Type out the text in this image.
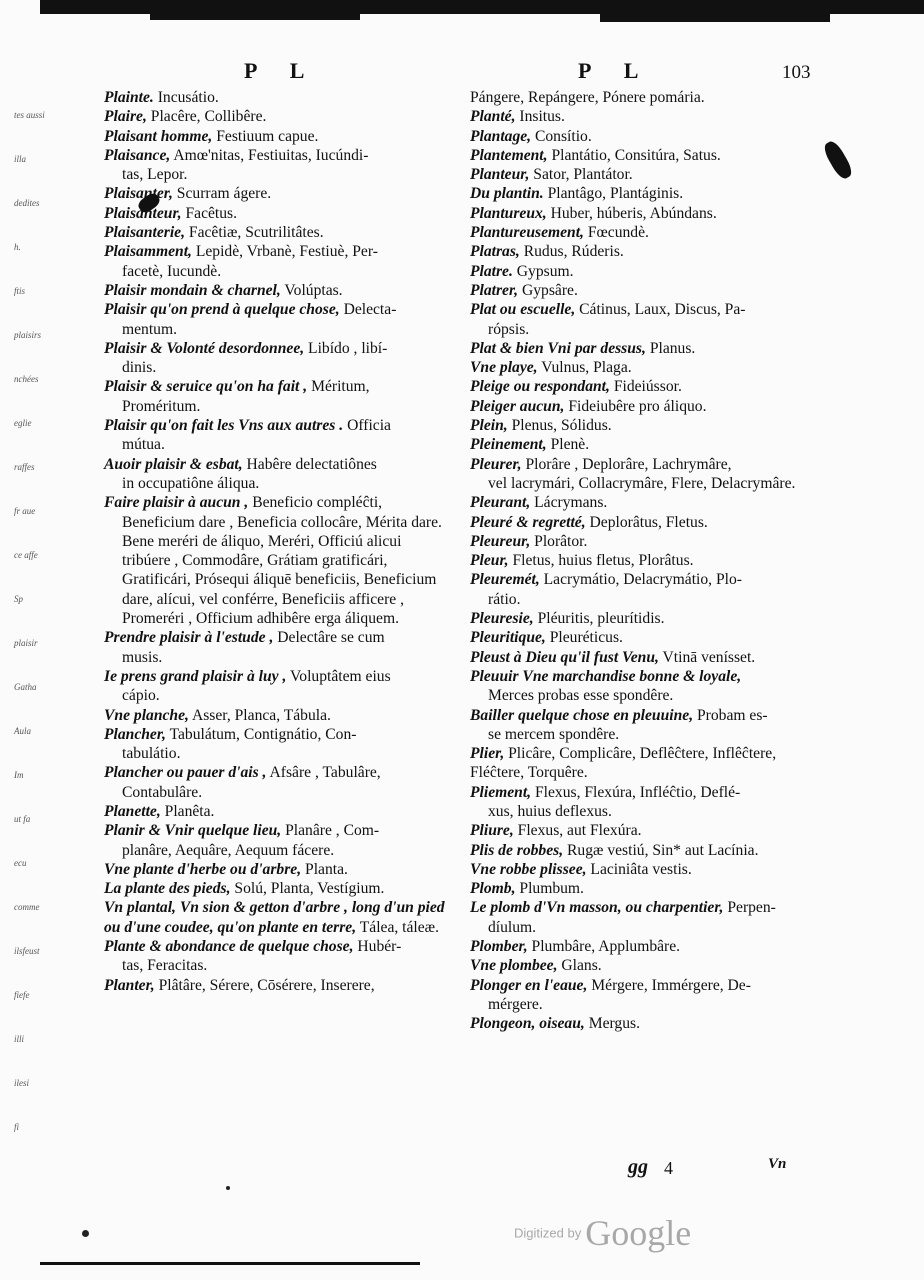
P L	P L	103
tes aussi
illa
dedites
h.
ftis
plaisirs
nchées
eglie
raffes
fr aue
ce affe
Sp
plaisir
Gatha
Aula
Im
ut fa
ecu
comme
ilsfeust
fiefe
illi
ilesi
fi

Plainte. Incusátio.

Plaire, Placêre, Collibêre.

Plaisant homme, Festiuum capue.

Plaisance, Amœ'nitas, Festiuitas, Iucúndi-
tas, Lepor.

Plaisanter, Scurram ágere.

Plaisanteur, Facêtus.

Plaisanterie, Facêtiæ, Scutrilitâtes.

Plaisamment, Lepidè, Vrbanè, Festiuè, Per-
facetè, Iucundè.

Plaisir mondain & charnel, Volúptas.

Plaisir qu'on prend à quelque chose, Delecta-
mentum.

Plaisir & Volonté desordonnee, Libído , libí-
dinis.

Plaisir & seruice qu'on ha fait , Méritum,
Proméritum.

Plaisir qu'on fait les Vns aux autres . Officia
mútua.

Auoir plaisir & esbat, Habêre delectatiônes
in occupatiône áliqua.

Faire plaisir à aucun , Beneficio compléĉti,
Beneficium dare , Beneficia collocâre, Mérita dare. Bene meréri de áliquo, Meréri, Officiú alicui tribúere , Commodâre, Grátiam gratificári, Gratificári, Prósequi áliquē beneficiis, Beneficium dare, alícui, vel conférre, Beneficiis afficere , Promeréri , Officium adhibêre erga áliquem.

Prendre plaisir à l'estude , Delectâre se cum
musis.

Ie prens grand plaisir à luy , Voluptâtem eius
cápio.

Vne planche, Asser, Planca, Tábula.

Plancher, Tabulátum, Contignátio, Con-
tabulátio.

Plancher ou pauer d'ais , Afsâre , Tabulâre,
Contabulâre.

Planette, Planêta.

Planir & Vnir quelque lieu, Planâre , Com-
planâre, Aequâre, Aequum fácere.

Vne plante d'herbe ou d'arbre, Planta.

La plante des pieds, Solú, Planta, Vestígium.

Vn plantal, Vn sion & getton d'arbre , long d'un pied ou d'une coudee, qu'on plante en terre, Tálea, táleæ.

Plante & abondance de quelque chose, Hubér-
tas, Feracitas.

Planter, Plâtâre, Sérere, Cōsérere, Inserere,

Pángere, Repángere, Pónere pomária.

Planté, Insitus.

Plantage, Consítio.

Plantement, Plantátio, Consitúra, Satus.

Planteur, Sator, Plantátor.

Du plantin. Plantâgo, Plantáginis.

Plantureux, Huber, húberis, Abúndans.

Plantureusement, Fœcundè.

Platras, Rudus, Rúderis.

Platre. Gypsum.

Platrer, Gypsâre.

Plat ou escuelle, Cátinus, Laux, Discus, Pa-
rópsis.

Plat & bien Vni par dessus, Planus.

Vne playe, Vulnus, Plaga.

Pleige ou respondant, Fideiússor.

Pleiger aucun, Fideiubêre pro áliquo.

Plein, Plenus, Sólidus.

Pleinement, Plenè.

Pleurer, Plorâre , Deplorâre, Lachrymâre,
vel lacrymári, Collacrymâre, Flere, Delacrymâre.

Pleurant, Lácrymans.

Pleuré & regretté, Deplorâtus, Fletus.

Pleureur, Plorâtor.

Pleur, Fletus, huius fletus, Plorâtus.

Pleuremét, Lacrymátio, Delacrymátio, Plo-
rátio.

Pleuresie, Pléuritis, pleurítidis.

Pleuritique, Pleuréticus.

Pleust à Dieu qu'il fust Venu, Vtinā venísset.

Pleuuir Vne marchandise bonne & loyale,
Merces probas esse spondêre.

Bailler quelque chose en pleuuine, Probam es-
se mercem spondêre.

Plier, Plicâre, Complicâre, Deflêĉtere, Inflêĉtere, Fléĉtere, Torquêre.

Pliement, Flexus, Flexúra, Infléĉtio, Deflé-
xus, huius deflexus.

Pliure, Flexus, aut Flexúra.

Plis de robbes, Rugæ vestiú, Sin* aut Lacínia.

Vne robbe plissee, Laciniâta vestis.

Plomb, Plumbum.

Le plomb d'Vn masson, ou charpentier, Perpen-
díulum.

Plomber, Plumbâre, Applumbâre.

Vne plombee, Glans.

Plonger en l'eaue, Mérgere, Immérgere, De-
mérgere.

Plongeon, oiseau, Mergus.

gg 4	Vn
Digitized by Google
